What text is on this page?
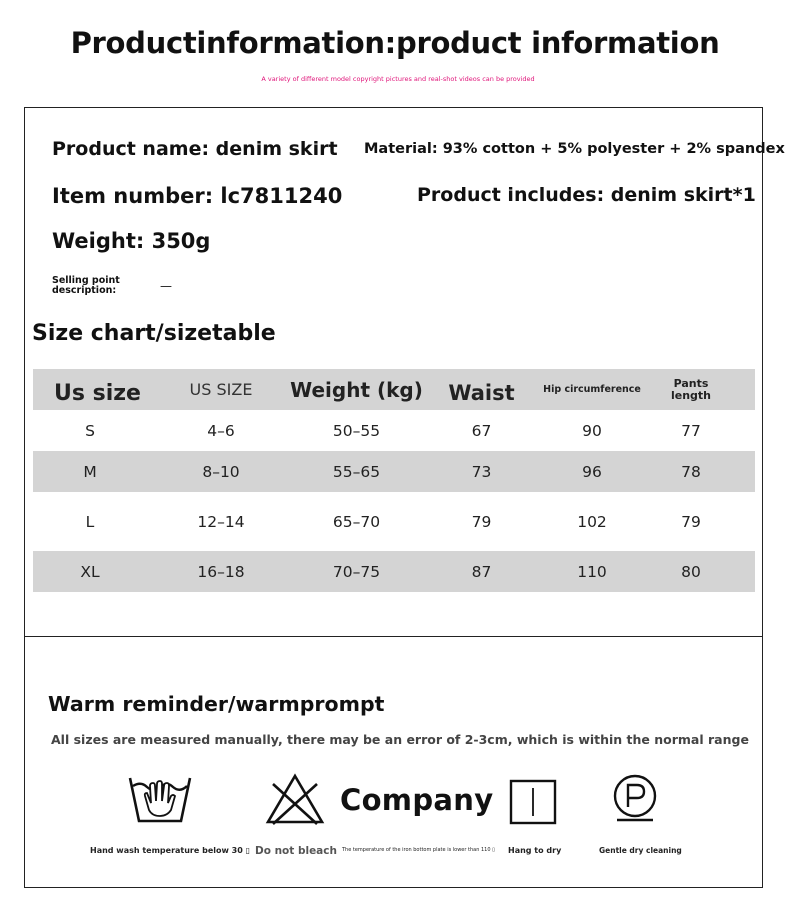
Productinformation:product information
A variety of different model copyright pictures and real-shot videos can be provided
Product name: denim skirt Material: 93% cotton + 5% polyester + 2% spandex
Item number: lc7811240	Product includes: denim skirt*1
Weight: 350g
Selling point description:	—
Size chart/sizetable
Us size	US SIZE	Weight (kg)	Waist	Hip circumference	Pants length
S	4–6	50–55	67	90	77
M	8–10	55–65	73	96	78
L	12–14	65–70	79	102	79
XL	16–18	70–75	87	110	80
Warm reminder/warmprompt
All sizes are measured manually, there may be an error of 2-3cm, which is within the normal range
Company
Hand wash temperature below 30 ▯ Do not bleach The temperature of the iron bottom plate is lower than 110 ▯ Hang to dry	Gentle dry cleaning
